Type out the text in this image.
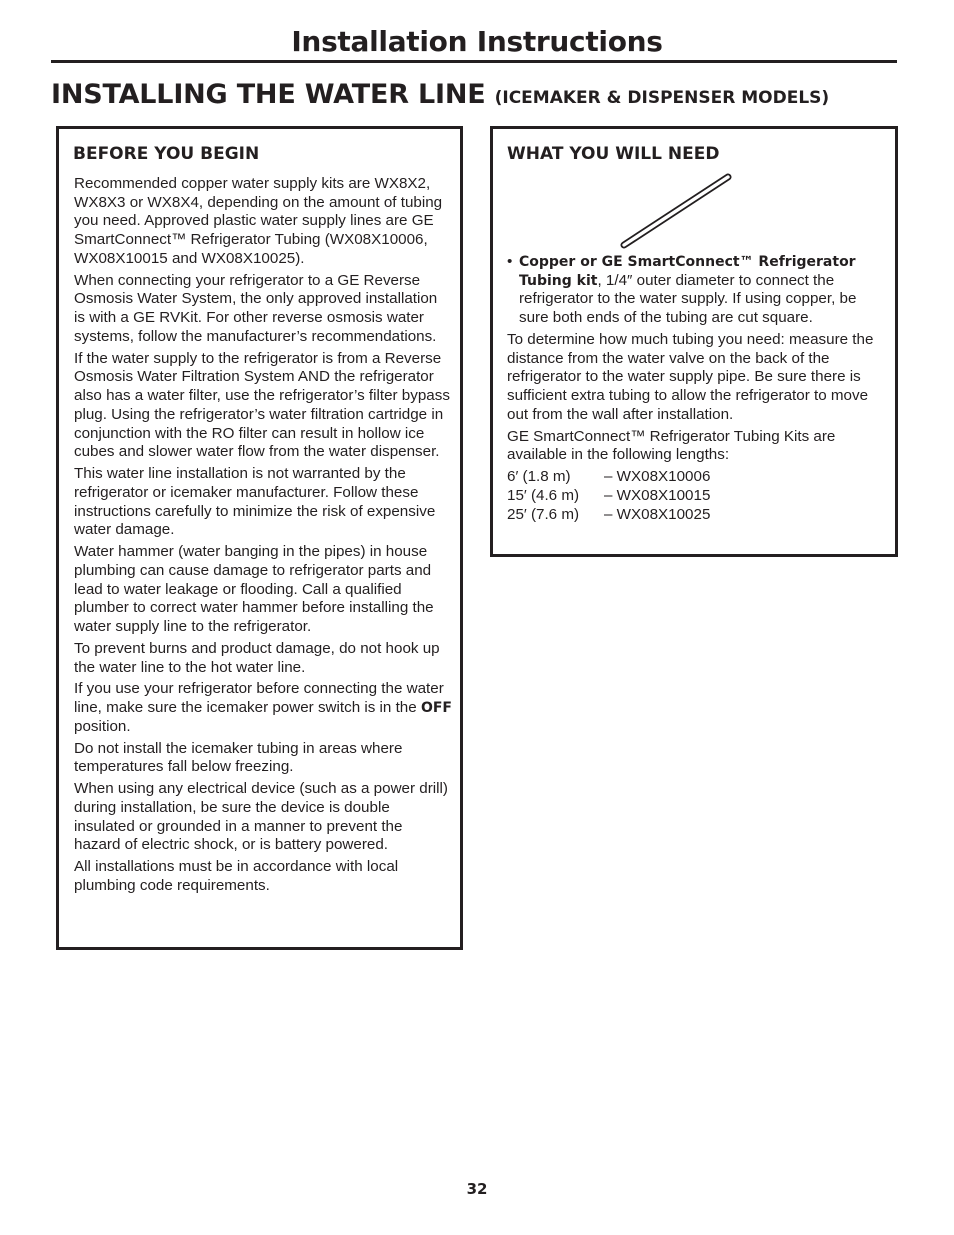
Installation Instructions
INSTALLING THE WATER LINE (ICEMAKER & DISPENSER MODELS)
BEFORE YOU BEGIN

Recommended copper water supply kits are WX8X2, WX8X3 or WX8X4, depending on the amount of tubing you need. Approved plastic water supply lines are GE SmartConnect™ Refrigerator Tubing (WX08X10006, WX08X10015 and WX08X10025).

When connecting your refrigerator to a GE Reverse Osmosis Water System, the only approved installation is with a GE RVKit. For other reverse osmosis water systems, follow the manufacturer’s recommendations.

If the water supply to the refrigerator is from a Reverse Osmosis Water Filtration System AND the refrigerator also has a water filter, use the refrigerator’s filter bypass plug. Using the refrigerator’s water filtration cartridge in conjunction with the RO filter can result in hollow ice cubes and slower water flow from the water dispenser.

This water line installation is not warranted by the refrigerator or icemaker manufacturer. Follow these instructions carefully to minimize the risk of expensive water damage.

Water hammer (water banging in the pipes) in house plumbing can cause damage to refrigerator parts and lead to water leakage or flooding. Call a qualified plumber to correct water hammer before installing the water supply line to the refrigerator.

To prevent burns and product damage, do not hook up the water line to the hot water line.

If you use your refrigerator before connecting the water line, make sure the icemaker power switch is in the OFF position.

Do not install the icemaker tubing in areas where temperatures fall below freezing.

When using any electrical device (such as a power drill) during installation, be sure the device is double insulated or grounded in a manner to prevent the hazard of electric shock, or is battery powered.

All installations must be in accordance with local plumbing code requirements.

WHAT YOU WILL NEED

• Copper or GE SmartConnect™ Refrigerator Tubing kit, 1/4″ outer diameter to connect the refrigerator to the water supply. If using copper, be sure both ends of the tubing are cut square.

To determine how much tubing you need: measure the distance from the water valve on the back of the refrigerator to the water supply pipe. Be sure there is sufficient extra tubing to allow the refrigerator to move out from the wall after installation.

GE SmartConnect™ Refrigerator Tubing Kits are available in the following lengths:

6′ (1.8 m)	– WX08X10006
15′ (4.6 m)	– WX08X10015
25′ (7.6 m)	– WX08X10025
32
